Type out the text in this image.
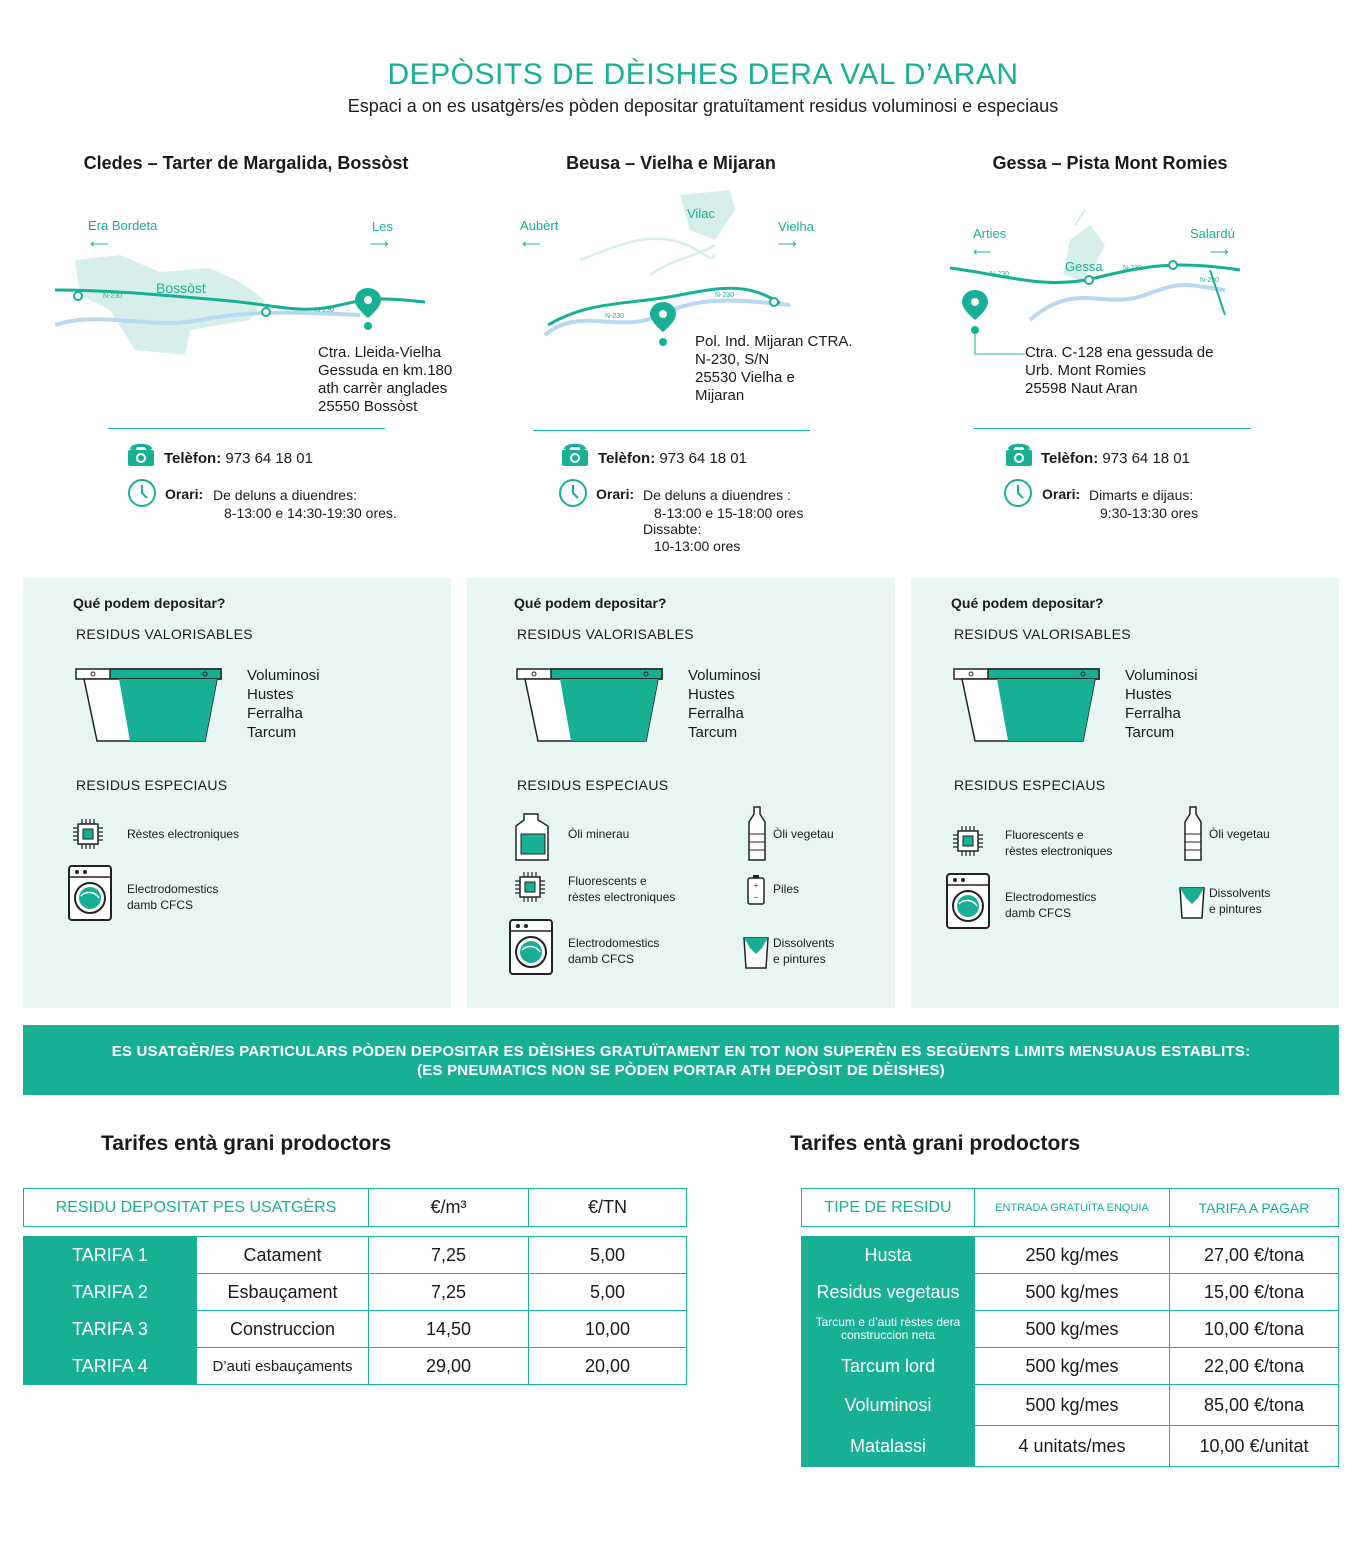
DEPÒSITS DE DÈISHES DERA VAL D’ARAN
Espaci a on es usatgèrs/es pòden depositar gratuïtament residus voluminosi e especiaus
Cledes – Tarter de Margalida, Bossòst	Beusa – Vielha e Mijaran	Gessa – Pista Mont Romies
N-230
N-230
Era Bordeta
⟵
Les
⟶
Bossòst
N-230
N-230
Vilac
Aubèrt
⟵
Vielha
⟶
N-230
N-230
N-230
Arties
⟵
Salardú
⟶
Gessa
Ctra. Lleida-Vielha
Gessuda en km.180
ath carrèr anglades
25550 Bossòst
Pol. Ind. Mijaran CTRA.
N-230, S/N
25530 Vielha e
Mijaran
Ctra. C-128 ena gessuda de
Urb. Mont Romies
25598 Naut Aran
Telèfon: 973 64 18 01
Orari: De deluns a diuendres:
8-13:00 e 14:30-19:30 ores.
Telèfon: 973 64 18 01
Orari: De deluns a diuendres :
8-13:00 e 15-18:00 ores
Dissabte:
10-13:00 ores
Telèfon: 973 64 18 01
Orari: Dimarts e dijaus:
9:30-13:30 ores
Qué podem depositar?
RESIDUS VALORISABLES
Voluminosi
Hustes
Ferralha
Tarcum
RESIDUS ESPECIAUS
Rèstes electroniques
Electrodomestics
damb CFCS
Qué podem depositar?
RESIDUS VALORISABLES
Voluminosi
Hustes
Ferralha
Tarcum
RESIDUS ESPECIAUS
Òli minerau	Òli vegetau
Fluorescents e
rèstes electroniques
+
−
Piles
Electrodomestics
damb CFCS
Dissolvents
e pintures
Qué podem depositar?
RESIDUS VALORISABLES
Voluminosi
Hustes
Ferralha
Tarcum
RESIDUS ESPECIAUS
Fluorescents e
rèstes electroniques
Òli vegetau
Electrodomestics
damb CFCS
Dissolvents
e pintures
ES USATGÈR/ES PARTICULARS PÒDEN DEPOSITAR ES DÈISHES GRATUÏTAMENT EN TOT NON SUPERÈN ES SEGÜENTS LIMITS MENSUAUS ESTABLITS:
(ES PNEUMATICS NON SE PÒDEN PORTAR ATH DEPÒSIT DE DÈISHES)
Tarifes entà grani prodoctors	Tarifes entà grani prodoctors
RESIDU DEPOSITAT PES USATGÈRS	€/m³	€/TN
TARIFA 1	Catament	7,25	5,00
TARIFA 2	Esbauçament	7,25	5,00
TARIFA 3	Construccion	14,50	10,00
TARIFA 4	D’auti esbauçaments	29,00	20,00
TIPE DE RESIDU	ENTRADA GRATUÏTA ENQUIA	TARIFA A PAGAR
Husta	250 kg/mes	27,00 €/tona
Residus vegetaus	500 kg/mes	15,00 €/tona
Tarcum e d’auti rèstes dera construccion neta	500 kg/mes	10,00 €/tona
Tarcum lord	500 kg/mes	22,00 €/tona
Voluminosi	500 kg/mes	85,00 €/tona
Matalassi	4 unitats/mes	10,00 €/unitat
